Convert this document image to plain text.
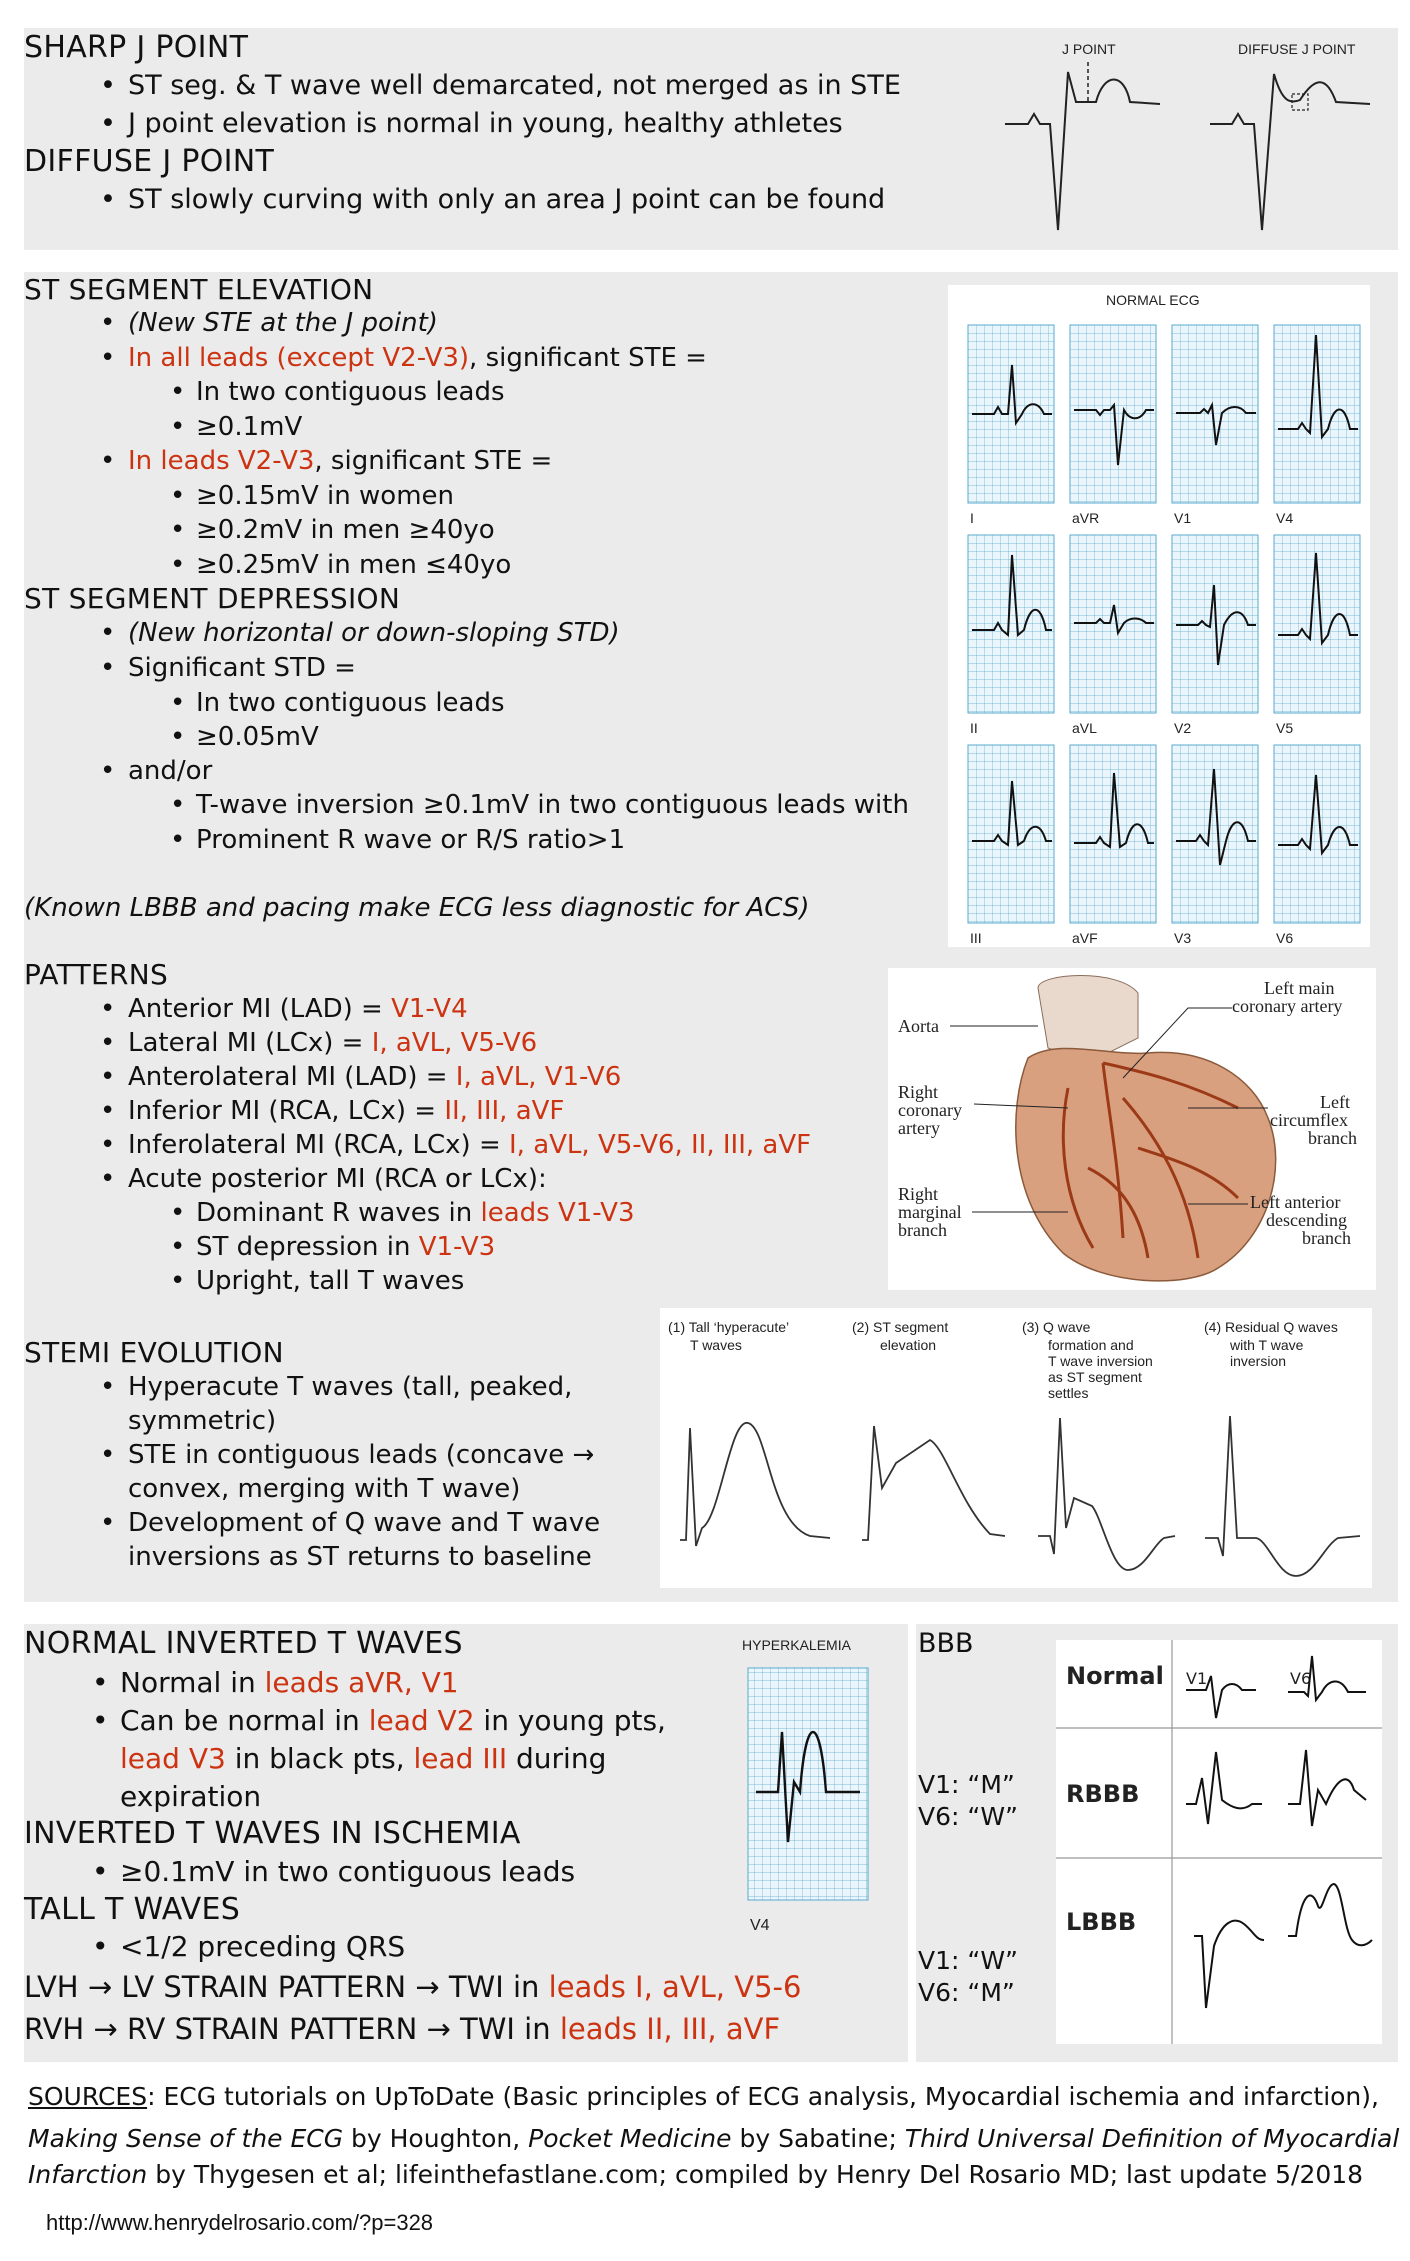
SHARP J POINT
• ST seg. & T wave well demarcated, not merged as in STE
• J point elevation is normal in young, healthy athletes
DIFFUSE J POINT
• ST slowly curving with only an area J point can be found
J POINT	DIFFUSE J POINT
ST SEGMENT ELEVATION
• (New STE at the J point)
• In all leads (except V2-V3), significant STE =
• In two contiguous leads
• ≥0.1mV
• In leads V2-V3, significant STE =
• ≥0.15mV in women
• ≥0.2mV in men ≥40yo
• ≥0.25mV in men ≤40yo
ST SEGMENT DEPRESSION
• (New horizontal or down-sloping STD)
• Significant STD =
• In two contiguous leads
• ≥0.05mV
• and/or
• T-wave inversion ≥0.1mV in two contiguous leads with
• Prominent R wave or R/S ratio>1
(Known LBBB and pacing make ECG less diagnostic for ACS)
NORMAL ECG
I	aVR	V1	V4
II	aVL	V2	V5
III	aVF	V3	V6
PATTERNS
• Anterior MI (LAD) = V1-V4
• Lateral MI (LCx) = I, aVL, V5-V6
• Anterolateral MI (LAD) = I, aVL, V1-V6
• Inferior MI (RCA, LCx) = II, III, aVF
• Inferolateral MI (RCA, LCx) = I, aVL, V5-V6, II, III, aVF
• Acute posterior MI (RCA or LCx):
• Dominant R waves in leads V1-V3
• ST depression in V1-V3
• Upright, tall T waves
Aorta
Left main
coronary artery
Right
coronary
artery
Left
circumflex
branch
Right
marginal
branch
Left anterior
descending
branch
STEMI EVOLUTION
• Hyperacute T waves (tall, peaked,
symmetric)
• STE in contiguous leads (concave →
convex, merging with T wave)
• Development of Q wave and T wave
inversions as ST returns to baseline
(1) Tall ‘hyperacute’
T waves
(2) ST segment
elevation
(3) Q wave
formation and
T wave inversion
as ST segment
settles
(4) Residual Q waves
with T wave
inversion
NORMAL INVERTED T WAVES
• Normal in leads aVR, V1
• Can be normal in lead V2 in young pts,
lead V3 in black pts, lead III during
expiration
INVERTED T WAVES IN ISCHEMIA
• ≥0.1mV in two contiguous leads
TALL T WAVES
• <1/2 preceding QRS
LVH → LV STRAIN PATTERN → TWI in leads I, aVL, V5-6
RVH → RV STRAIN PATTERN → TWI in leads II, III, aVF
HYPERKALEMIA
V4
BBB
V1: “M”
V6: “W”
V1: “W”
V6: “M”
Normal V1	V6
RBBB
LBBB
SOURCES: ECG tutorials on UpToDate (Basic principles of ECG analysis, Myocardial ischemia and infarction),
Making Sense of the ECG by Houghton, Pocket Medicine by Sabatine; Third Universal Definition of Myocardial
Infarction by Thygesen et al; lifeinthefastlane.com; compiled by Henry Del Rosario MD; last update 5/2018
http://www.henrydelrosario.com/?p=328
